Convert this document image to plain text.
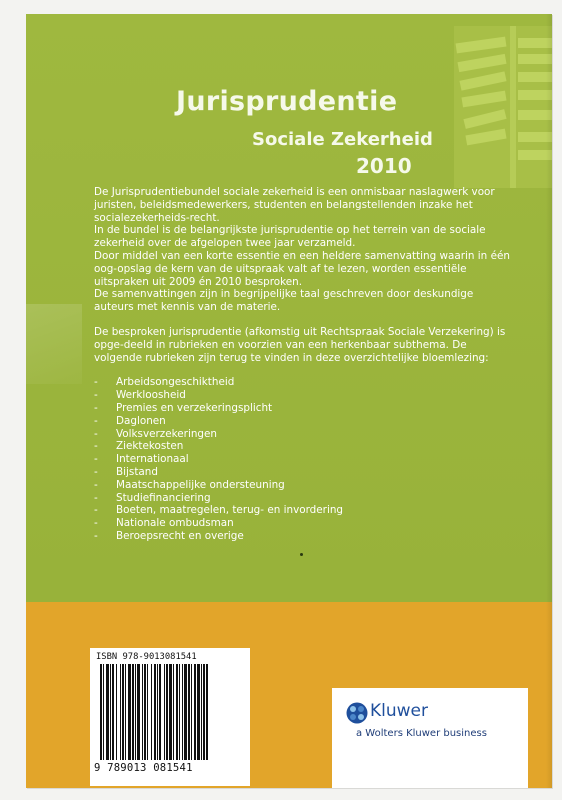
Jurisprudentie
Sociale Zekerheid
2010

De Jurisprudentiebundel sociale zekerheid is een onmisbaar naslagwerk voor juristen, beleidsmedewerkers, studenten en belangstellenden inzake het socialezekerheids-recht.

In de bundel is de belangrijkste jurisprudentie op het terrein van de sociale zekerheid over de afgelopen twee jaar verzameld.

Door middel van een korte essentie en een heldere samenvatting waarin in één oog-opslag de kern van de uitspraak valt af te lezen, worden essentiële uitspraken uit 2009 én 2010 besproken.

De samenvattingen zijn in begrijpelijke taal geschreven door deskundige auteurs met kennis van de materie.

De besproken jurisprudentie (afkomstig uit Rechtspraak Sociale Verzekering) is opge-deeld in rubrieken en voorzien van een herkenbaar subthema. De volgende rubrieken zijn terug te vinden in deze overzichtelijke bloemlezing:

- Arbeidsongeschiktheid
- Werkloosheid
- Premies en verzekeringsplicht
- Daglonen
- Volksverzekeringen
- Ziektekosten
- Internationaal
- Bijstand
- Maatschappelijke ondersteuning
- Studiefinanciering
- Boeten, maatregelen, terug- en invordering
- Nationale ombudsman
- Beroepsrecht en overige
ISBN 978-9013081541
9 789013 081541
Kluwer
a Wolters Kluwer business
